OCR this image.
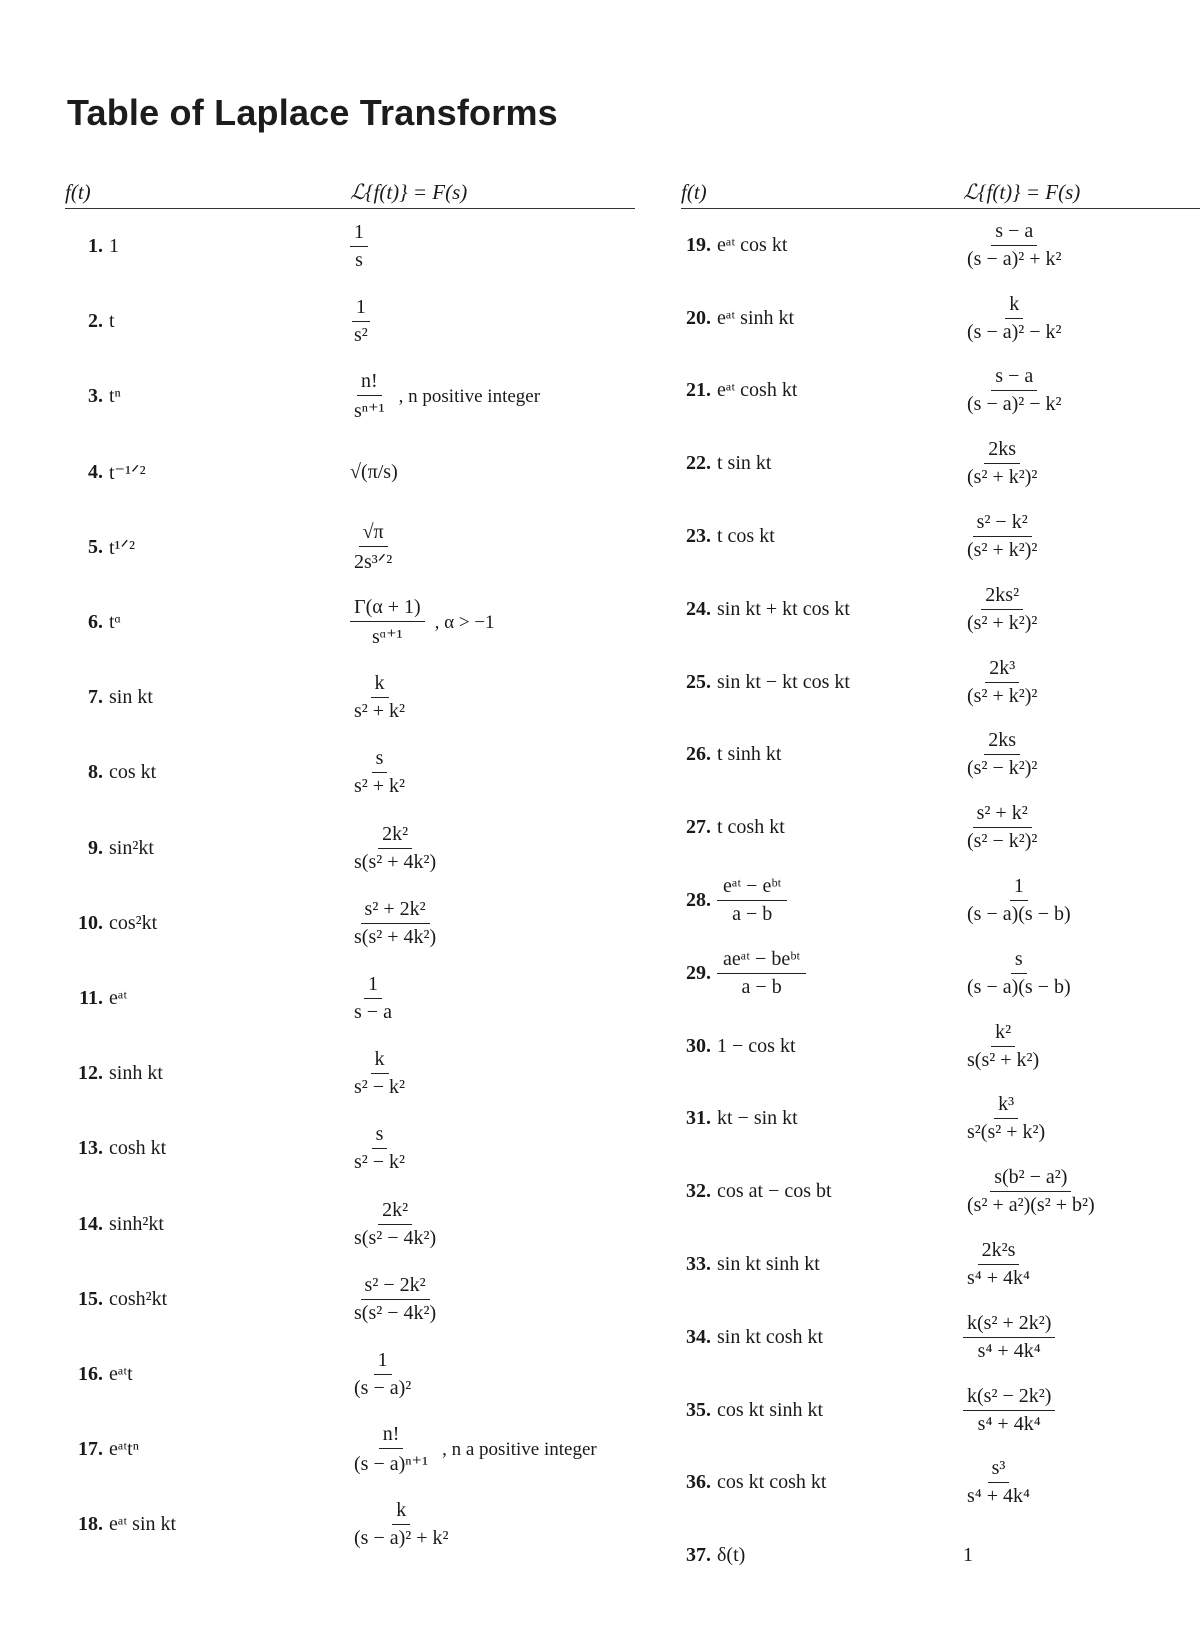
Table of Laplace Transforms
f(t)	ℒ{f(t)} = F(s)
1. 1	$\frac{1}{s}$
2. t	$\frac{1}{\text{s²}}$
3. tⁿ	$\frac{n!}{\text{sⁿ⁺¹}}$ , n positive integer
4. t⁻¹ᐟ²	√(π/s)
5. t¹ᐟ²	$\frac{√\pi}{\text{2s³ᐟ²}}$
6. tᵅ	$\frac{\Gamma(\alpha + 1)}{\text{sᵅ⁺¹}}$ , α > −1
7. sin kt	$\frac{k}{\text{s² + k²}}$
8. cos kt	$\frac{s}{\text{s² + k²}}$
9. sin²kt	$\frac{\text{2k²}}{\text{s(s² + 4k²)}}$
10. cos²kt	$\frac{\text{s² + 2k²}}{\text{s(s² + 4k²)}}$
11. eᵃᵗ	$\frac{1}{s - a}$
12. sinh kt	$\frac{k}{\text{s² − k²}}$
13. cosh kt	$\frac{s}{\text{s² − k²}}$
14. sinh²kt	$\frac{\text{2k²}}{\text{s(s² − 4k²)}}$
15. cosh²kt	$\frac{\text{s² − 2k²}}{\text{s(s² − 4k²)}}$
16. eᵃᵗt	$\frac{1}{\text{(s − a)²}}$
17. eᵃᵗtⁿ	$\frac{n!}{\text{(s − a)ⁿ⁺¹}}$ , n a positive integer
18. eᵃᵗ sin kt	$\frac{k}{\text{(s − a)² + k²}}$
f(t)	ℒ{f(t)} = F(s)
19. eᵃᵗ cos kt	$\frac{s - a}{\text{(s − a)² + k²}}$
20. eᵃᵗ sinh kt	$\frac{k}{\text{(s − a)² − k²}}$
21. eᵃᵗ cosh kt	$\frac{s - a}{\text{(s − a)² − k²}}$
22. t sin kt	$\frac{2ks}{\text{(s² + k²)²}}$
23. t cos kt	$\frac{\text{s² − k²}}{\text{(s² + k²)²}}$
24. sin kt + kt cos kt	$\frac{\text{2ks²}}{\text{(s² + k²)²}}$
25. sin kt − kt cos kt	$\frac{\text{2k³}}{\text{(s² + k²)²}}$
26. t sinh kt	$\frac{2ks}{\text{(s² − k²)²}}$
27. t cosh kt	$\frac{\text{s² + k²}}{\text{(s² − k²)²}}$
28.
eᵃᵗ − eᵇᵗ
a − b	$\frac{1}{(s - a)(s - b)}$
29.
aeᵃᵗ − beᵇᵗ
a − b	$\frac{s}{(s - a)(s - b)}$
30. 1 − cos kt	$\frac{\text{k²}}{\text{s(s² + k²)}}$
31. kt − sin kt	$\frac{\text{k³}}{\text{s²(s² + k²)}}$
32. cos at − cos bt	$\frac{\text{s(b² − a²)}}{\text{(s² + a²)(s² + b²)}}$
33. sin kt sinh kt	$\frac{\text{2k²s}}{\text{s⁴ + 4k⁴}}$
34. sin kt cosh kt	$\frac{\text{k(s² + 2k²)}}{\text{s⁴ + 4k⁴}}$
35. cos kt sinh kt	$\frac{\text{k(s² − 2k²)}}{\text{s⁴ + 4k⁴}}$
36. cos kt cosh kt	$\frac{\text{s³}}{\text{s⁴ + 4k⁴}}$
37. δ(t)	1
